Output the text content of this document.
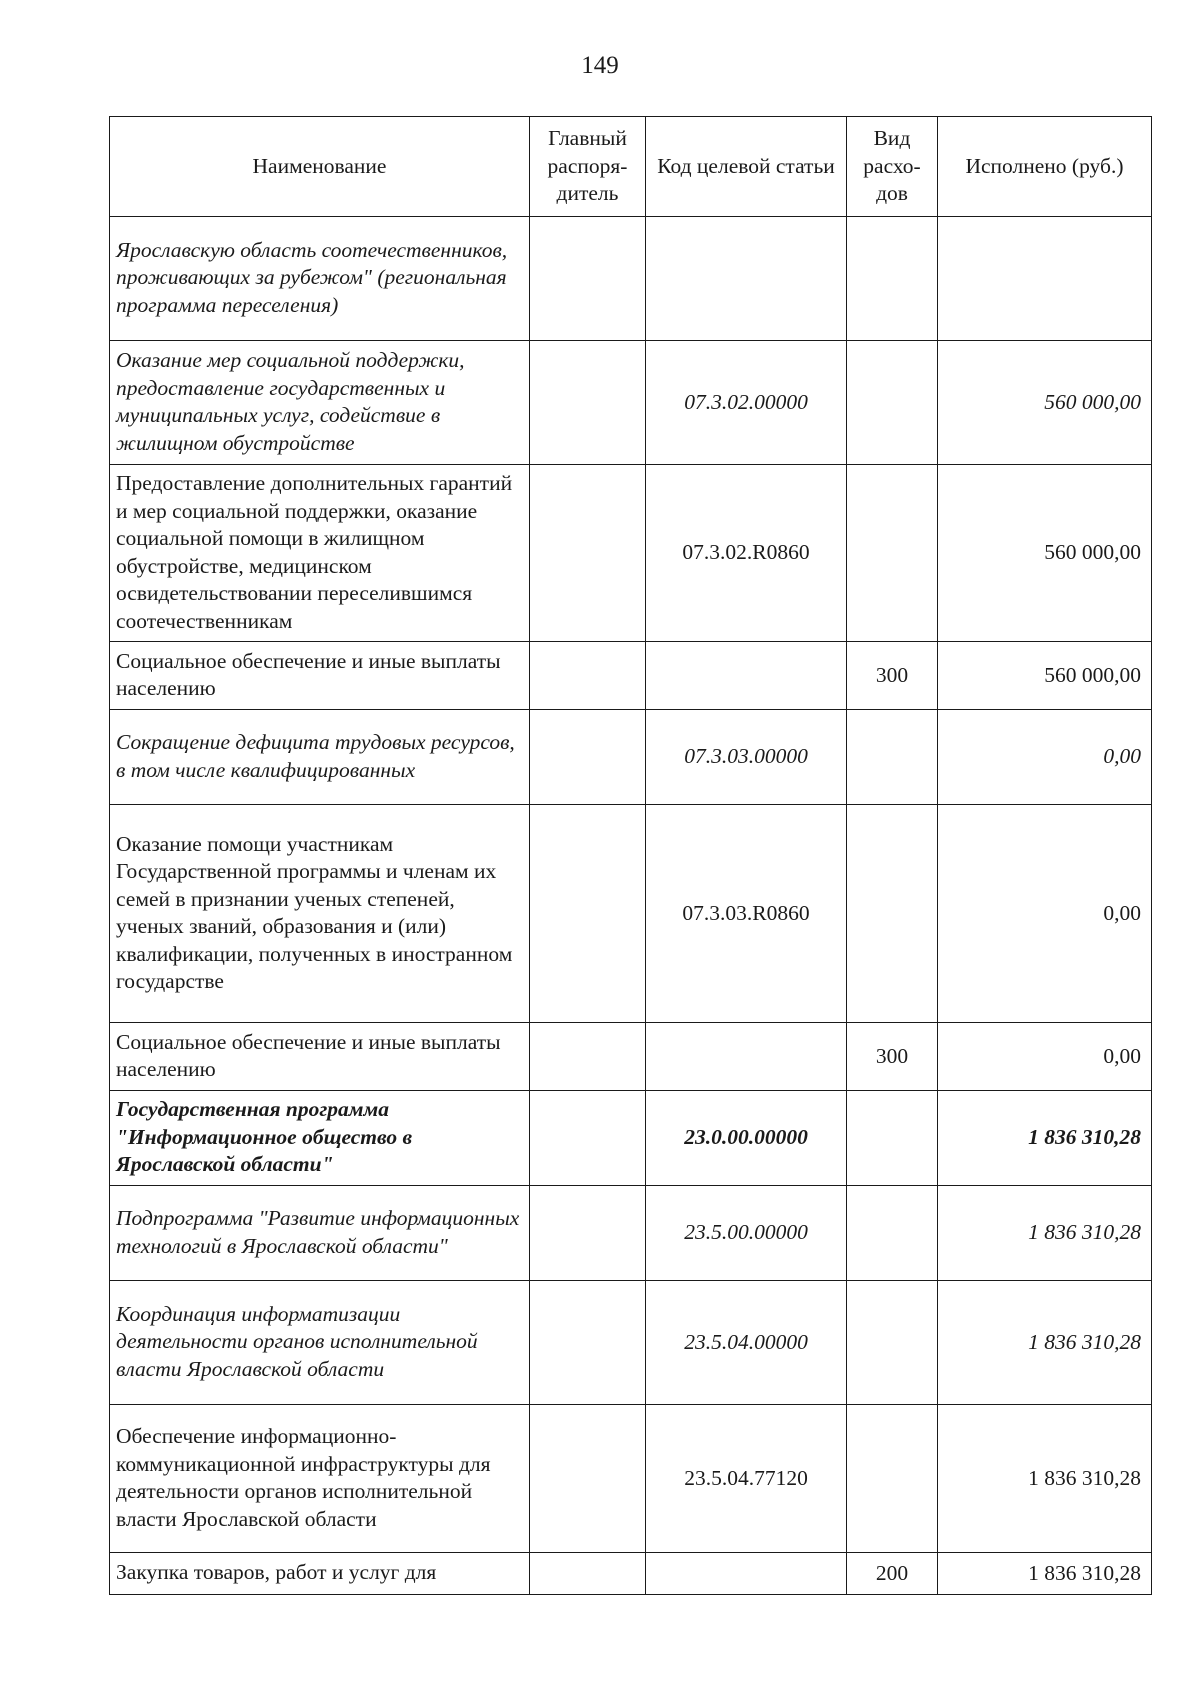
149
Наименование	Главный распоря-дитель	Код целевой статьи	Вид расхо-дов	Исполнено (руб.)
Ярославскую область соотечественников, проживающих за рубежом" (региональная программа переселения)				
Оказание мер социальной поддержки, предоставление государственных и муниципальных услуг, содействие в жилищном обустройстве		07.3.02.00000		560 000,00
Предоставление дополнительных гарантий и мер социальной поддержки, оказание социальной помощи в жилищном обустройстве, медицинском освидетельствовании переселившимся соотечественникам		07.3.02.R0860		560 000,00
Социальное обеспечение и иные выплаты населению			300	560 000,00
Сокращение дефицита трудовых ресурсов, в том числе квалифицированных		07.3.03.00000		0,00
Оказание помощи участникам Государственной программы и членам их семей в признании ученых степеней, ученых званий, образования и (или) квалификации, полученных в иностранном государстве		07.3.03.R0860		0,00
Социальное обеспечение и иные выплаты населению			300	0,00
Государственная программа "Информационное общество в Ярославской области"		23.0.00.00000		1 836 310,28
Подпрограмма "Развитие информационных технологий в Ярославской области"		23.5.00.00000		1 836 310,28
Координация информатизации деятельности органов исполнительной власти Ярославской области		23.5.04.00000		1 836 310,28
Обеспечение информационно-коммуникационной инфраструктуры для деятельности органов исполнительной власти Ярославской области		23.5.04.77120		1 836 310,28
Закупка товаров, работ и услуг для			200	1 836 310,28
